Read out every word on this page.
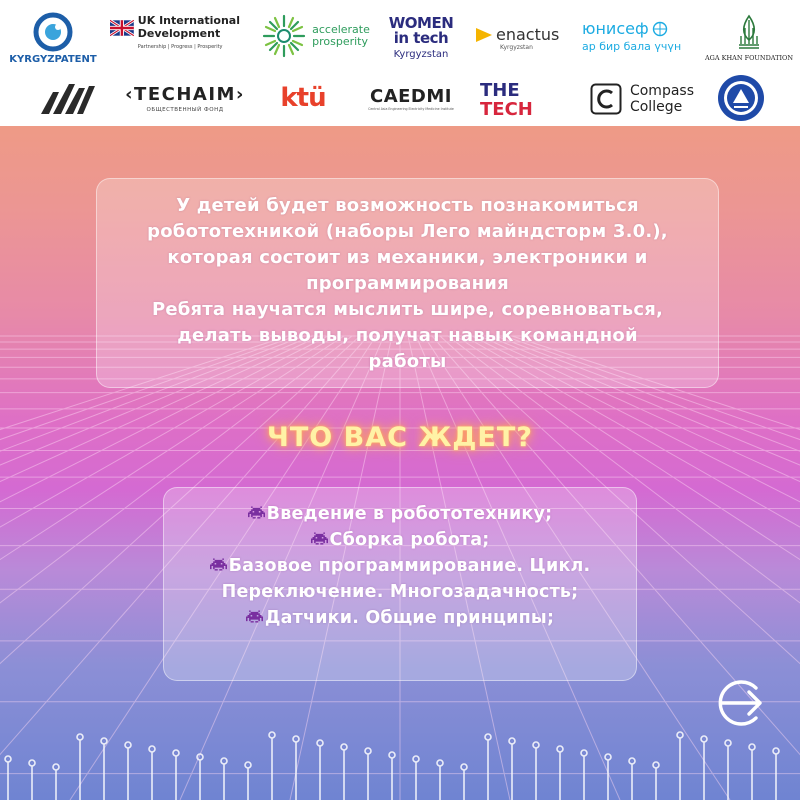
KYRGYZPATENT
UK International
Development
Partnership | Progress | Prosperity
accelerate
prosperity
WOMEN
in tech
Kyrgyzstan
enactus
Kyrgyzstan
юнисеф
ар бир бала үчүн
AGA KHAN FOUNDATION
‹TECHAIM›
ОБЩЕСТВЕННЫЙ ФОНД ktü CAEDMI
Central Asia Engineering Electricity Medicine Institute
THE
TECH
Compass
College
У детей будет возможность познакомиться
робототехникой (наборы Лего майндсторм 3.0.),
которая состоит из механики, электроники и
программирования
Ребята научатся мыслить шире, соревноваться,
делать выводы, получат навык командной
работы
ЧТО ВАС ЖДЕТ?
Введение в робототехнику;
Сборка робота;
Базовое программирование. Цикл.
Переключение. Многозадачность;
Датчики. Общие принципы;
